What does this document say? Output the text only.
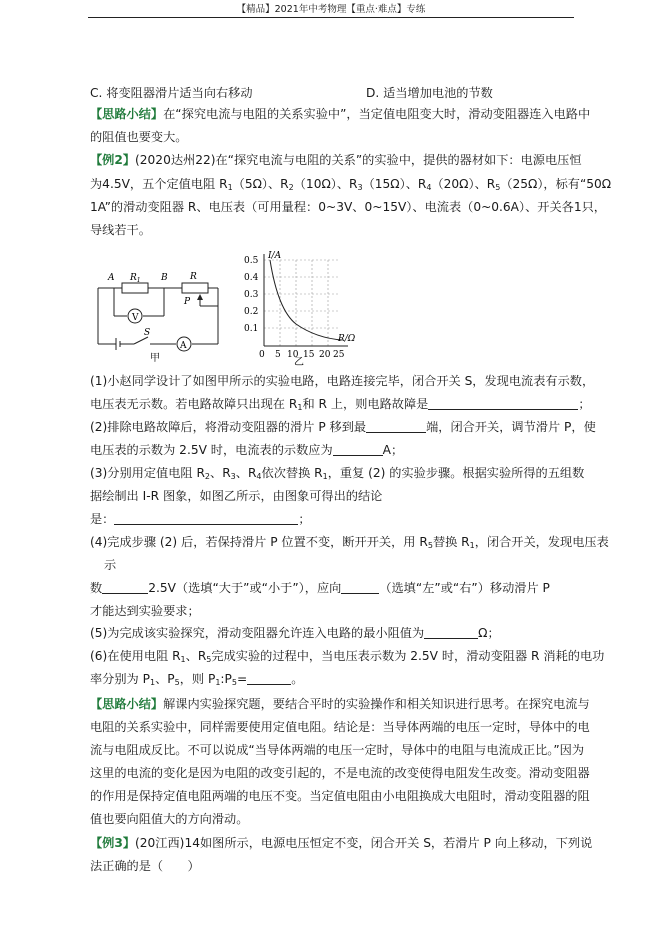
【精品】2021年中考物理【重点·难点】专练
C. 将变阻器滑片适当向右移动	D. 适当增加电池的节数
【思路小结】在“探究电流与电阻的关系实验中”，当定值电阻变大时，滑动变阻器连入电路中
的阻值也要变大。
【例2】(2020达州22)在“探究电流与电阻的关系”的实验中，提供的器材如下：电源电压恒
为4.5V，五个定值电阻 $R_1(5\Omega)$、$R_2(10\Omega)$、$R_3(15\Omega)$、$R_4(20\Omega)$、$R_5(25\Omega)$，标有“50Ω
1A”的滑动变阻器 R、电压表（可用量程：0~3V、0~15V）、电流表（0~0.6A）、开关各1只，
导线若干。
A $R_1$ B R
P
V
S
A
甲
I/A
R/Ω
0.5
0.4
0.3
0.2
0.1
0 5 10 15 20 25
乙
(1)小赵同学设计了如图甲所示的实验电路，电路连接完毕，闭合开关 S，发现电流表有示数，
电压表无示数。若电路故障只出现在 $R_1$和 R 上，则电路故障是	；
(2)排除电路故障后，将滑动变阻器的滑片 P 移到最	端，闭合开关，调节滑片 P，使
电压表的示数为 2.5V 时，电流表的示数应为	A；
(3)分别用定值电阻 $R_2$、$R_3$、$R_4$依次替换 $R_1$，重复 (2) 的实验步骤。根据实验所得的五组数
据绘制出 I-R 图象，如图乙所示，由图象可得出的结论
是：	；
(4)完成步骤 (2) 后，若保持滑片 P 位置不变，断开开关，用 $R_5$替换 $R_1$，闭合开关，发现电压表
示
数	2.5V（选填“大于”或“小于”），应向	（选填“左”或“右”）移动滑片 P
才能达到实验要求；
(5)为完成该实验探究，滑动变阻器允许连入电路的最小阻值为	Ω；
(6)在使用电阻 $R_1$、$R_5$完成实验的过程中，当电压表示数为 2.5V 时，滑动变阻器 R 消耗的电功
率分别为 $P_1$、$P_5$，则 $P_1:P_5=$	。
【思路小结】解课内实验探究题，要结合平时的实验操作和相关知识进行思考。在探究电流与
电阻的关系实验中，同样需要使用定值电阻。结论是：当导体两端的电压一定时，导体中的电
流与电阻成反比。不可以说成“当导体两端的电压一定时，导体中的电阻与电流成正比。”因为
这里的电流的变化是因为电阻的改变引起的，不是电流的改变使得电阻发生改变。滑动变阻器
的作用是保持定值电阻两端的电压不变。当定值电阻由小电阻换成大电阻时，滑动变阻器的阻
值也要向阻值大的方向滑动。
【例3】(20江西)14如图所示，电源电压恒定不变，闭合开关 S，若滑片 P 向上移动，下列说
法正确的是（　　）
